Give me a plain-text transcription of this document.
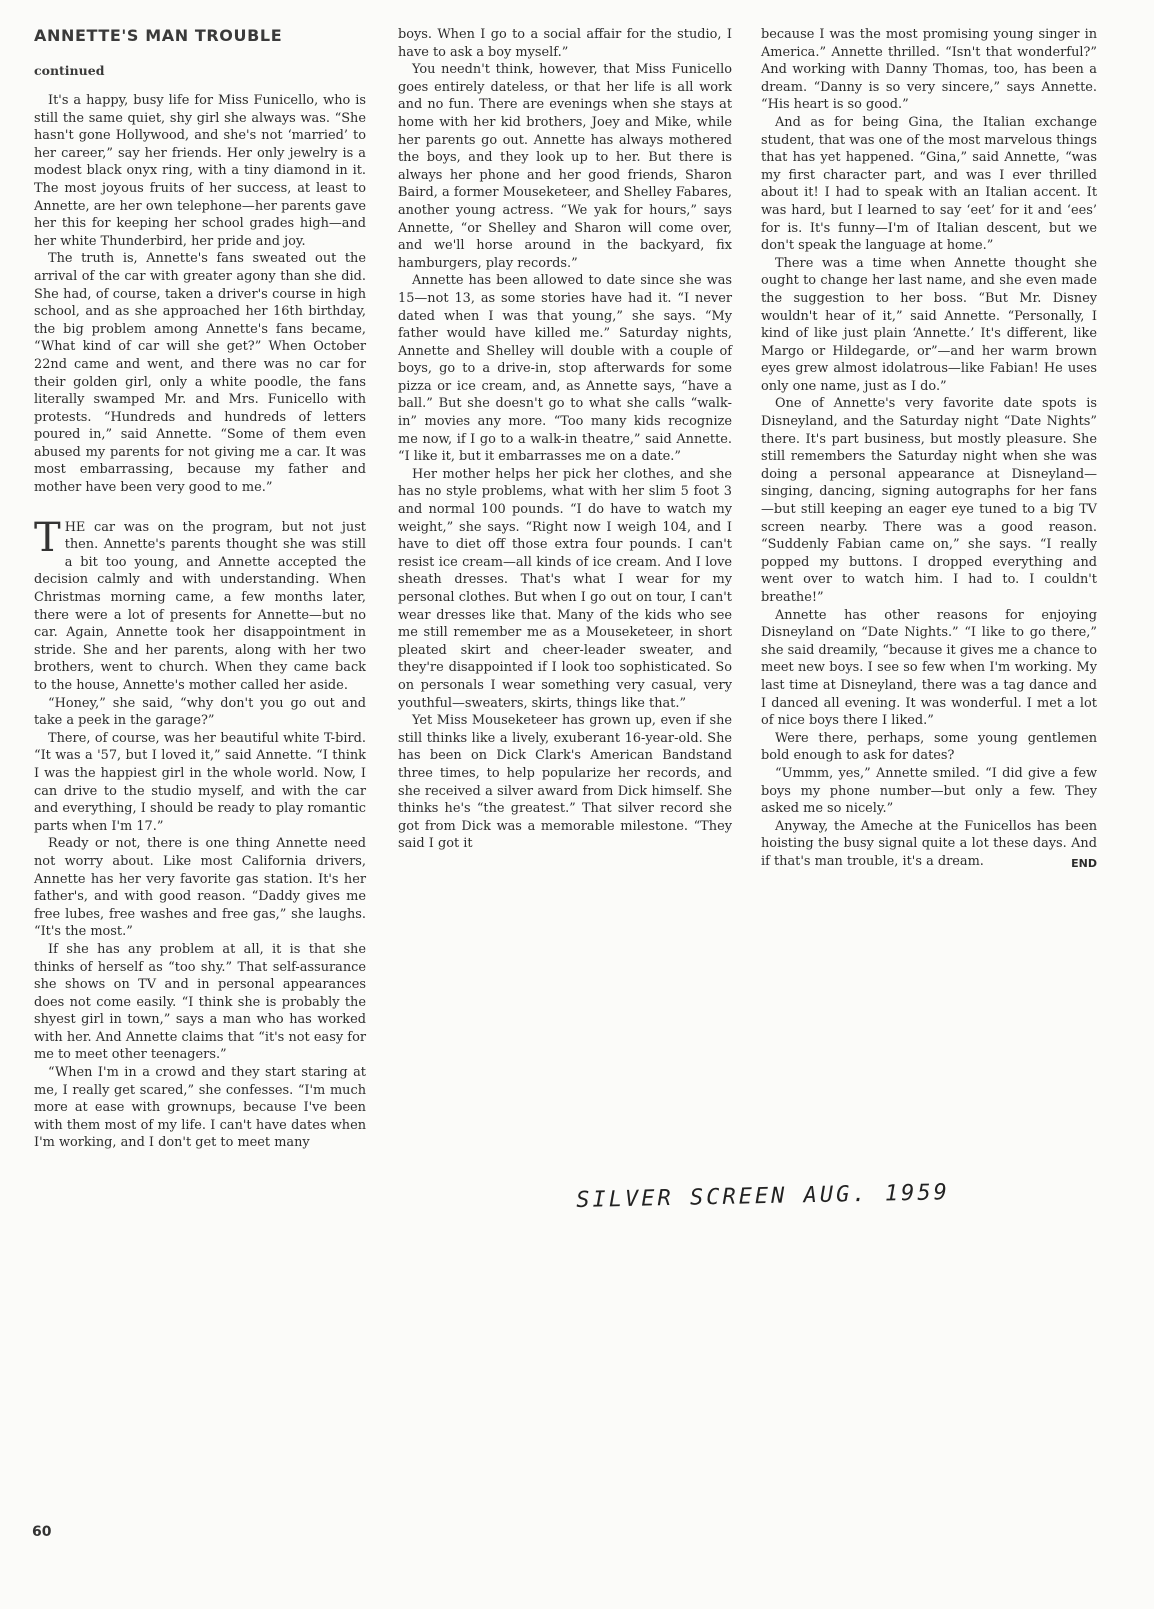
ANNETTE'S MAN TROUBLE
continued

It's a happy, busy life for Miss Funicello, who is still the same quiet, shy girl she always was. “She hasn't gone Hollywood, and she's not ‘married’ to her career,” say her friends. Her only jewelry is a modest black onyx ring, with a tiny diamond in it. The most joyous fruits of her success, at least to Annette, are her own telephone—her parents gave her this for keeping her school grades high—and her white Thunderbird, her pride and joy.

The truth is, Annette's fans sweated out the arrival of the car with greater agony than she did. She had, of course, taken a driver's course in high school, and as she approached her 16th birthday, the big problem among Annette's fans became, “What kind of car will she get?” When October 22nd came and went, and there was no car for their golden girl, only a white poodle, the fans literally swamped Mr. and Mrs. Funicello with protests. “Hundreds and hundreds of letters poured in,” said Annette. “Some of them even abused my parents for not giving me a car. It was most embarrassing, because my father and mother have been very good to me.”

THE car was on the program, but not just then. Annette's parents thought she was still a bit too young, and Annette accepted the decision calmly and with understanding. When Christmas morning came, a few months later, there were a lot of presents for Annette—but no car. Again, Annette took her disappointment in stride. She and her parents, along with her two brothers, went to church. When they came back to the house, Annette's mother called her aside.

“Honey,” she said, “why don't you go out and take a peek in the garage?”

There, of course, was her beautiful white T-bird. “It was a '57, but I loved it,” said Annette. “I think I was the happiest girl in the whole world. Now, I can drive to the studio myself, and with the car and everything, I should be ready to play romantic parts when I'm 17.”

Ready or not, there is one thing Annette need not worry about. Like most California drivers, Annette has her very favorite gas station. It's her father's, and with good reason. “Daddy gives me free lubes, free washes and free gas,” she laughs. “It's the most.”

If she has any problem at all, it is that she thinks of herself as “too shy.” That self-assurance she shows on TV and in personal appearances does not come easily. “I think she is probably the shyest girl in town,” says a man who has worked with her. And Annette claims that “it's not easy for me to meet other teenagers.”

“When I'm in a crowd and they start staring at me, I really get scared,” she confesses. “I'm much more at ease with grownups, because I've been with them most of my life. I can't have dates when I'm working, and I don't get to meet many

boys. When I go to a social affair for the studio, I have to ask a boy myself.”

You needn't think, however, that Miss Funicello goes entirely dateless, or that her life is all work and no fun. There are evenings when she stays at home with her kid brothers, Joey and Mike, while her parents go out. Annette has always mothered the boys, and they look up to her. But there is always her phone and her good friends, Sharon Baird, a former Mouseketeer, and Shelley Fabares, another young actress. “We yak for hours,” says Annette, “or Shelley and Sharon will come over, and we'll horse around in the backyard, fix hamburgers, play records.”

Annette has been allowed to date since she was 15—not 13, as some stories have had it. “I never dated when I was that young,” she says. “My father would have killed me.” Saturday nights, Annette and Shelley will double with a couple of boys, go to a drive-in, stop afterwards for some pizza or ice cream, and, as Annette says, “have a ball.” But she doesn't go to what she calls “walk-in” movies any more. “Too many kids recognize me now, if I go to a walk-in theatre,” said Annette. “I like it, but it embarrasses me on a date.”

Her mother helps her pick her clothes, and she has no style problems, what with her slim 5 foot 3 and normal 100 pounds. “I do have to watch my weight,” she says. “Right now I weigh 104, and I have to diet off those extra four pounds. I can't resist ice cream—all kinds of ice cream. And I love sheath dresses. That's what I wear for my personal clothes. But when I go out on tour, I can't wear dresses like that. Many of the kids who see me still remember me as a Mouseketeer, in short pleated skirt and cheer-leader sweater, and they're disappointed if I look too sophisticated. So on personals I wear something very casual, very youthful—sweaters, skirts, things like that.”

Yet Miss Mouseketeer has grown up, even if she still thinks like a lively, exuberant 16-year-old. She has been on Dick Clark's American Bandstand three times, to help popularize her records, and she received a silver award from Dick himself. She thinks he's “the greatest.” That silver record she got from Dick was a memorable milestone. “They said I got it

because I was the most promising young singer in America.” Annette thrilled. “Isn't that wonderful?” And working with Danny Thomas, too, has been a dream. “Danny is so very sincere,” says Annette. “His heart is so good.”

And as for being Gina, the Italian exchange student, that was one of the most marvelous things that has yet happened. “Gina,” said Annette, “was my first character part, and was I ever thrilled about it! I had to speak with an Italian accent. It was hard, but I learned to say ‘eet’ for it and ‘ees’ for is. It's funny—I'm of Italian descent, but we don't speak the language at home.”

There was a time when Annette thought she ought to change her last name, and she even made the suggestion to her boss. “But Mr. Disney wouldn't hear of it,” said Annette. “Personally, I kind of like just plain ‘Annette.’ It's different, like Margo or Hildegarde, or”—and her warm brown eyes grew almost idolatrous—like Fabian! He uses only one name, just as I do.”

One of Annette's very favorite date spots is Disneyland, and the Saturday night “Date Nights” there. It's part business, but mostly pleasure. She still remembers the Saturday night when she was doing a personal appearance at Disneyland—singing, dancing, signing autographs for her fans—but still keeping an eager eye tuned to a big TV screen nearby. There was a good reason. “Suddenly Fabian came on,” she says. “I really popped my buttons. I dropped everything and went over to watch him. I had to. I couldn't breathe!”

Annette has other reasons for enjoying Disneyland on “Date Nights.” “I like to go there,” she said dreamily, “because it gives me a chance to meet new boys. I see so few when I'm working. My last time at Disneyland, there was a tag dance and I danced all evening. It was wonderful. I met a lot of nice boys there I liked.”

Were there, perhaps, some young gentlemen bold enough to ask for dates?

“Ummm, yes,” Annette smiled. “I did give a few boys my phone number—but only a few. They asked me so nicely.”

Anyway, the Ameche at the Funicellos has been hoisting the busy signal quite a lot these days. And if that's man trouble, it's a dream.	END

SILVER SCREEN AUG. 1959
60
